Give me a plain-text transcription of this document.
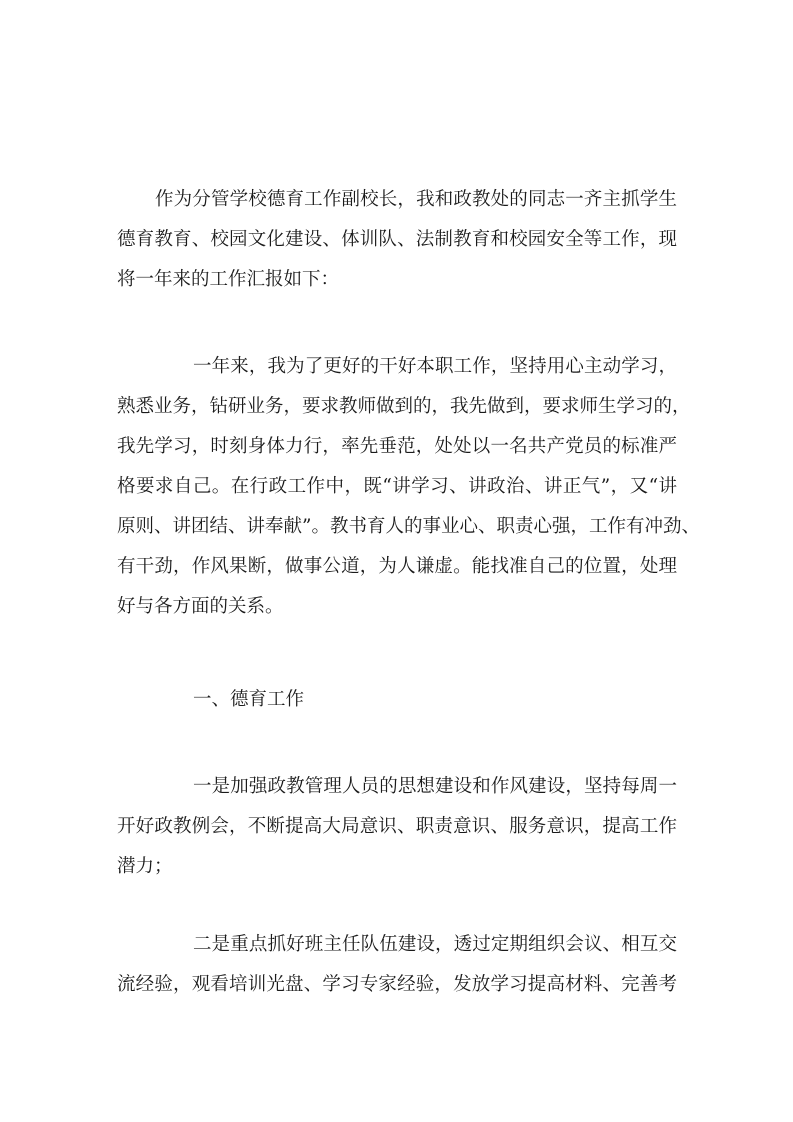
作为分管学校德育工作副校长，我和政教处的同志一齐主抓学生
德育教育、校园文化建设、体训队、法制教育和校园安全等工作，现
将一年来的工作汇报如下：
一年来，我为了更好的干好本职工作，坚持用心主动学习，
熟悉业务，钻研业务，要求教师做到的，我先做到，要求师生学习的，
我先学习，时刻身体力行，率先垂范，处处以一名共产党员的标准严
格要求自己。在行政工作中，既“讲学习、讲政治、讲正气”，又“讲
原则、讲团结、讲奉献”。教书育人的事业心、职责心强，工作有冲劲、
有干劲，作风果断，做事公道，为人谦虚。能找准自己的位置，处理
好与各方面的关系。
一、德育工作
一是加强政教管理人员的思想建设和作风建设，坚持每周一
开好政教例会，不断提高大局意识、职责意识、服务意识，提高工作
潜力；
二是重点抓好班主任队伍建设，透过定期组织会议、相互交
流经验，观看培训光盘、学习专家经验，发放学习提高材料、完善考
